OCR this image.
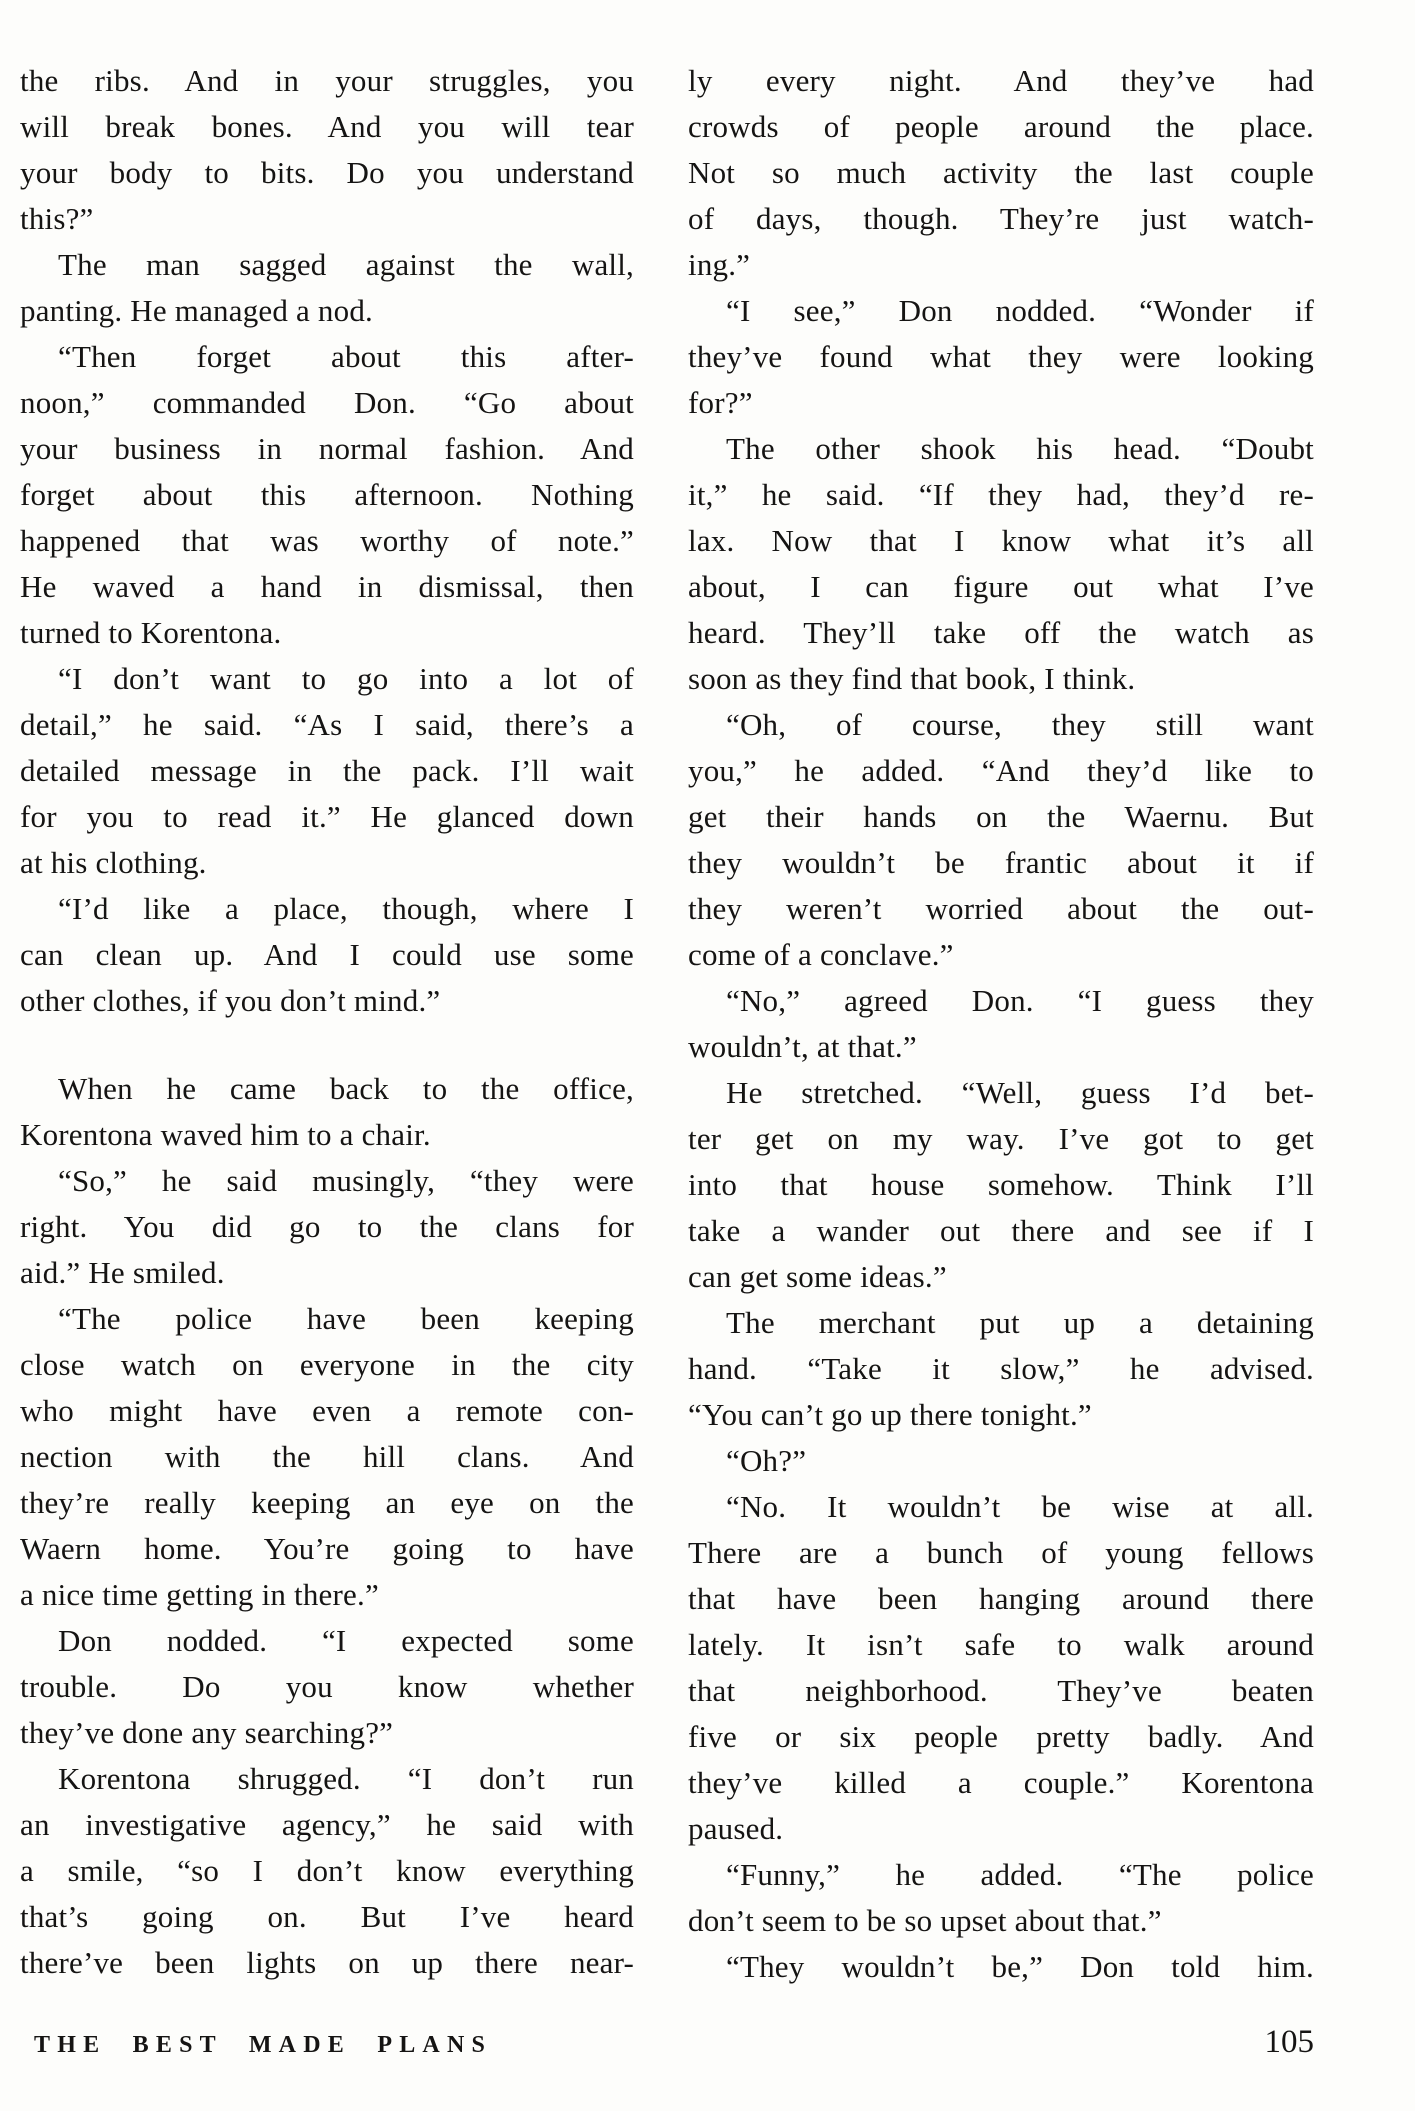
the ribs. And in your struggles, you
will break bones. And you will tear
your body to bits. Do you understand
this?”
The man sagged against the wall,
panting. He managed a nod.
“Then forget about this after-
noon,” commanded Don. “Go about
your business in normal fashion. And
forget about this afternoon. Nothing
happened that was worthy of note.”
He waved a hand in dismissal, then
turned to Korentona.
“I don’t want to go into a lot of
detail,” he said. “As I said, there’s a
detailed message in the pack. I’ll wait
for you to read it.” He glanced down
at his clothing.
“I’d like a place, though, where I
can clean up. And I could use some
other clothes, if you don’t mind.”
When he came back to the office,
Korentona waved him to a chair.
“So,” he said musingly, “they were
right. You did go to the clans for
aid.” He smiled.
“The police have been keeping
close watch on everyone in the city
who might have even a remote con-
nection with the hill clans. And
they’re really keeping an eye on the
Waern home. You’re going to have
a nice time getting in there.”
Don nodded. “I expected some
trouble. Do you know whether
they’ve done any searching?”
Korentona shrugged. “I don’t run
an investigative agency,” he said with
a smile, “so I don’t know everything
that’s going on. But I’ve heard
there’ve been lights on up there near-
ly every night. And they’ve had
crowds of people around the place.
Not so much activity the last couple
of days, though. They’re just watch-
ing.”
“I see,” Don nodded. “Wonder if
they’ve found what they were looking
for?”
The other shook his head. “Doubt
it,” he said. “If they had, they’d re-
lax. Now that I know what it’s all
about, I can figure out what I’ve
heard. They’ll take off the watch as
soon as they find that book, I think.
“Oh, of course, they still want
you,” he added. “And they’d like to
get their hands on the Waernu. But
they wouldn’t be frantic about it if
they weren’t worried about the out-
come of a conclave.”
“No,” agreed Don. “I guess they
wouldn’t, at that.”
He stretched. “Well, guess I’d bet-
ter get on my way. I’ve got to get
into that house somehow. Think I’ll
take a wander out there and see if I
can get some ideas.”
The merchant put up a detaining
hand. “Take it slow,” he advised.
“You can’t go up there tonight.”
“Oh?”
“No. It wouldn’t be wise at all.
There are a bunch of young fellows
that have been hanging around there
lately. It isn’t safe to walk around
that neighborhood. They’ve beaten
five or six people pretty badly. And
they’ve killed a couple.” Korentona
paused.
“Funny,” he added. “The police
don’t seem to be so upset about that.”
“They wouldn’t be,” Don told him.
THE BEST MADE PLANS	105
